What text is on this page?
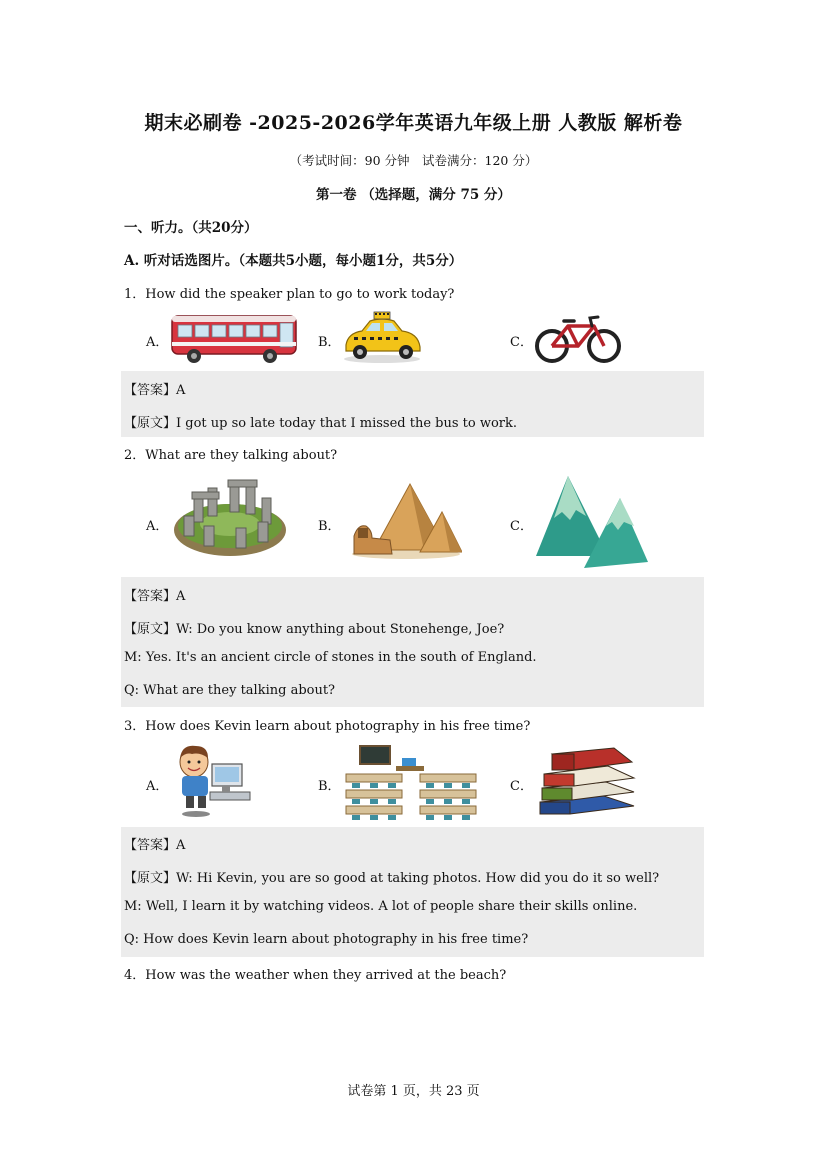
期末必刷卷 -2025-2026学年英语九年级上册 人教版 解析卷
（考试时间：90 分钟　试卷满分：120 分）
第一卷 （选择题，满分 75 分）
一、听力。（共20分）
A. 听对话选图片。（本题共5小题，每小题1分，共5分）
1．How did the speaker plan to go to work today?
A．	B．	C．
【答案】A
【原文】I got up so late today that I missed the bus to work.
2．What are they talking about?
A．	B．	C．
【答案】A
【原文】W: Do you know anything about Stonehenge, Joe?
M: Yes. It's an ancient circle of stones in the south of England.
Q: What are they talking about?
3．How does Kevin learn about photography in his free time?
A．	B．	C．
【答案】A
【原文】W: Hi Kevin, you are so good at taking photos. How did you do it so well?
M: Well, I learn it by watching videos. A lot of people share their skills online.
Q: How does Kevin learn about photography in his free time?
4．How was the weather when they arrived at the beach?
试卷第 1 页，共 23 页
